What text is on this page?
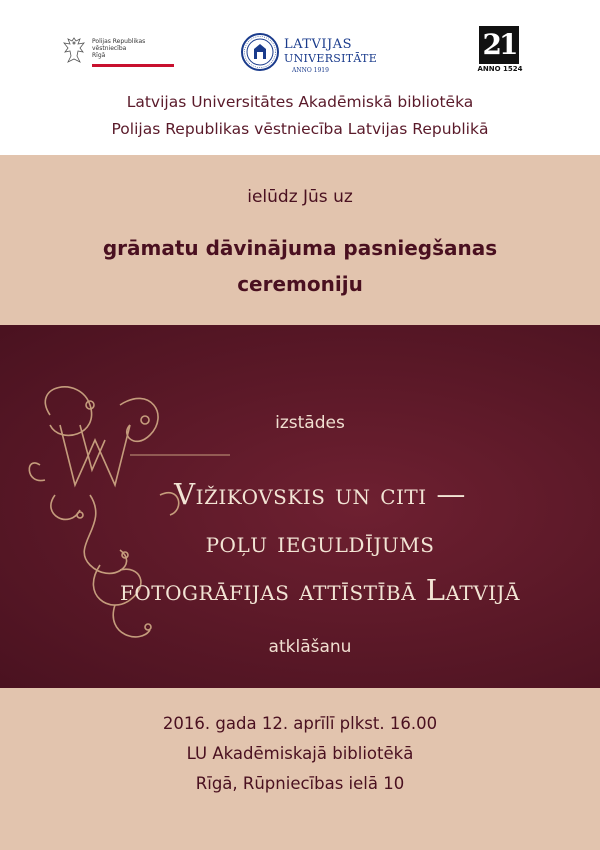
Polijas Republikas
vēstniecība
Rīgā
LATVIJAS
UNIVERSITĀTE
ANNO 1919
21
ANNO 1524
Latvijas Universitātes Akadēmiskā bibliotēka
Polijas Republikas vēstniecība Latvijas Republikā
ielūdz Jūs uz
grāmatu dāvinājuma pasniegšanas
ceremoniju
izstādes
Vižikovskis un citi —
poļu ieguldījums
fotogrāfijas attīstībā Latvijā
atklāšanu
2016. gada 12. aprīlī plkst. 16.00
LU Akadēmiskajā bibliotēkā
Rīgā, Rūpniecības ielā 10
